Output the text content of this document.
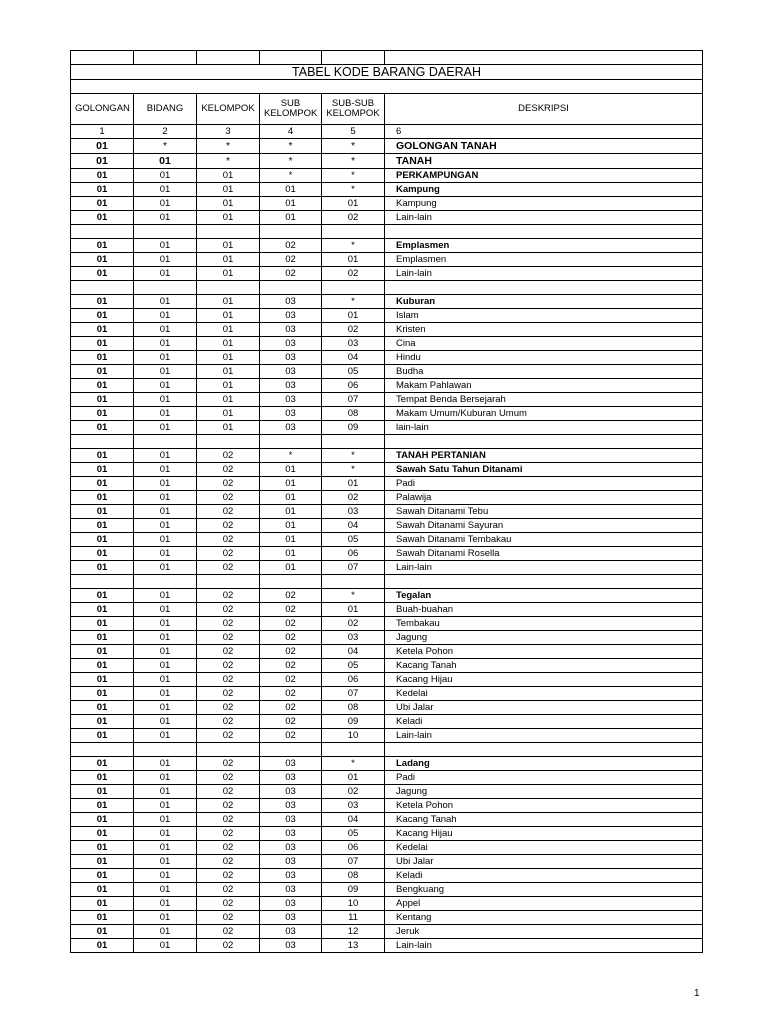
TABEL KODE BARANG DAERAH					

GOLONGAN	BIDANG	KELOMPOK	SUB KELOMPOK	SUB-SUB KELOMPOK	DESKRIPSI
1	2	3	4	5	6
01	*	*	*	*	GOLONGAN TANAH
01	01	*	*	*	TANAH
01	01	01	*	*	PERKAMPUNGAN
01	01	01	01	*	Kampung
01	01	01	01	01	Kampung
01	01	01	01	02	Lain-lain

01	01	01	02	*	Emplasmen
01	01	01	02	01	Emplasmen
01	01	01	02	02	Lain-lain

01	01	01	03	*	Kuburan
01	01	01	03	01	Islam
01	01	01	03	02	Kristen
01	01	01	03	03	Cina
01	01	01	03	04	Hindu
01	01	01	03	05	Budha
01	01	01	03	06	Makam Pahlawan
01	01	01	03	07	Tempat Benda Bersejarah
01	01	01	03	08	Makam Umum/Kuburan Umum
01	01	01	03	09	lain-lain

01	01	02	*	*	TANAH PERTANIAN
01	01	02	01	*	Sawah Satu Tahun Ditanami
01	01	02	01	01	Padi
01	01	02	01	02	Palawija
01	01	02	01	03	Sawah Ditanami Tebu
01	01	02	01	04	Sawah Ditanami Sayuran
01	01	02	01	05	Sawah Ditanami Tembakau
01	01	02	01	06	Sawah Ditanami Rosella
01	01	02	01	07	Lain-lain

01	01	02	02	*	Tegalan
01	01	02	02	01	Buah-buahan
01	01	02	02	02	Tembakau
01	01	02	02	03	Jagung
01	01	02	02	04	Ketela Pohon
01	01	02	02	05	Kacang Tanah
01	01	02	02	06	Kacang Hijau
01	01	02	02	07	Kedelai
01	01	02	02	08	Ubi Jalar
01	01	02	02	09	Keladi
01	01	02	02	10	Lain-lain

01	01	02	03	*	Ladang
01	01	02	03	01	Padi
01	01	02	03	02	Jagung
01	01	02	03	03	Ketela Pohon
01	01	02	03	04	Kacang Tanah
01	01	02	03	05	Kacang Hijau
01	01	02	03	06	Kedelai
01	01	02	03	07	Ubi Jalar
01	01	02	03	08	Keladi
01	01	02	03	09	Bengkuang
01	01	02	03	10	Appel
01	01	02	03	11	Kentang
01	01	02	03	12	Jeruk
01	01	02	03	13	Lain-lain
1
